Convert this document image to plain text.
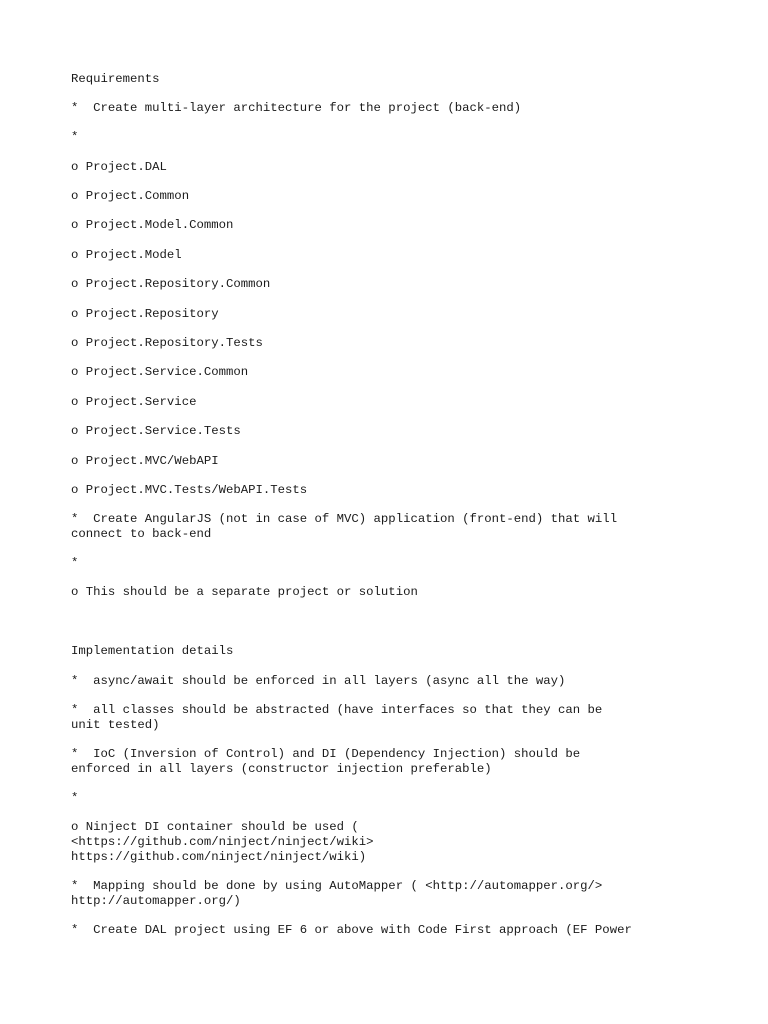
Requirements

*  Create multi-layer architecture for the project (back-end)

*

o Project.DAL

o Project.Common

o Project.Model.Common

o Project.Model

o Project.Repository.Common

o Project.Repository

o Project.Repository.Tests

o Project.Service.Common

o Project.Service

o Project.Service.Tests

o Project.MVC/WebAPI

o Project.MVC.Tests/WebAPI.Tests

*  Create AngularJS (not in case of MVC) application (front-end) that will
connect to back-end

*

o This should be a separate project or solution

Implementation details

*  async/await should be enforced in all layers (async all the way)

*  all classes should be abstracted (have interfaces so that they can be
unit tested)

*  IoC (Inversion of Control) and DI (Dependency Injection) should be
enforced in all layers (constructor injection preferable)

*

o Ninject DI container should be used (
<https://github.com/ninject/ninject/wiki>
https://github.com/ninject/ninject/wiki)

*  Mapping should be done by using AutoMapper ( <http://automapper.org/>
http://automapper.org/)

*  Create DAL project using EF 6 or above with Code First approach (EF Power
